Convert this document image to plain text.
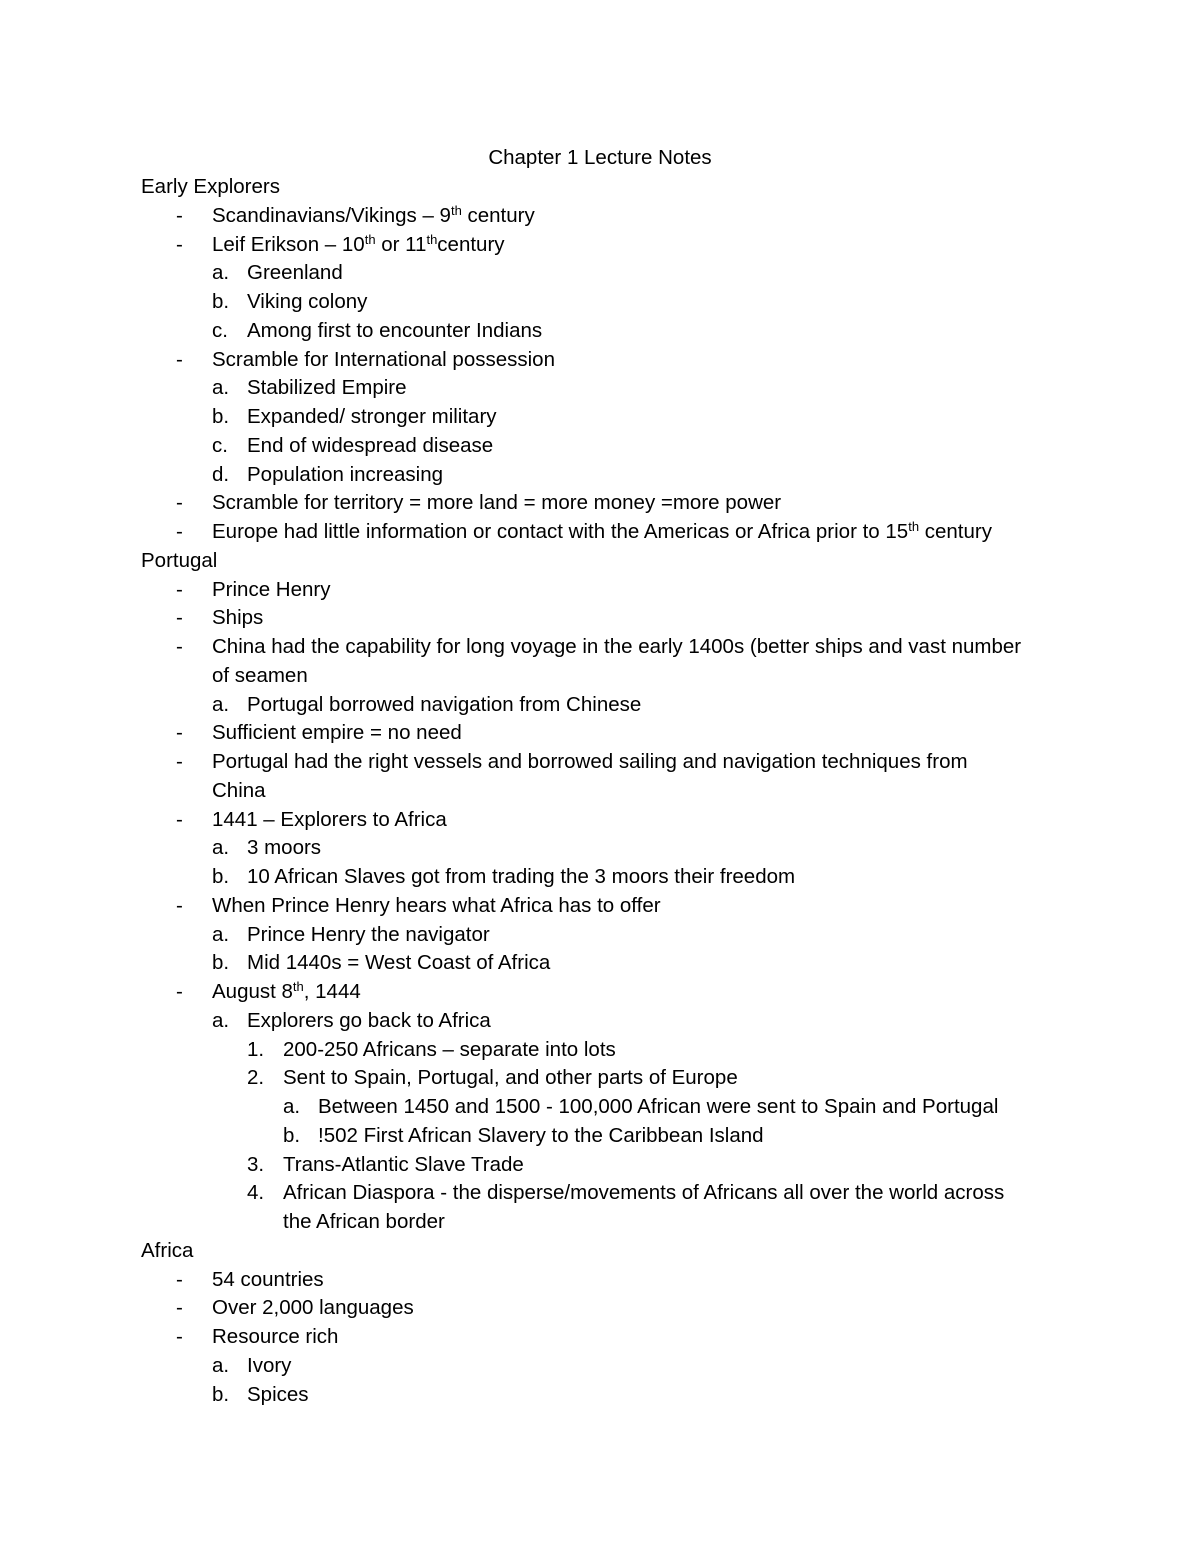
Chapter 1 Lecture Notes
Early Explorers
- Scandinavians/Vikings – 9th century
- Leif Erikson – 10th or 11thcentury
a. Greenland
b. Viking colony
c. Among first to encounter Indians
- Scramble for International possession
a. Stabilized Empire
b. Expanded/ stronger military
c. End of widespread disease
d. Population increasing
- Scramble for territory = more land = more money =more power
- Europe had little information or contact with the Americas or Africa prior to 15th century
Portugal
- Prince Henry
- Ships
- China had the capability for long voyage in the early 1400s (better ships and vast number
of seamen
a. Portugal borrowed navigation from Chinese
- Sufficient empire = no need
- Portugal had the right vessels and borrowed sailing and navigation techniques from
China
- 1441 – Explorers to Africa
a. 3 moors
b. 10 African Slaves got from trading the 3 moors their freedom
- When Prince Henry hears what Africa has to offer
a. Prince Henry the navigator
b. Mid 1440s = West Coast of Africa
- August 8th, 1444
a. Explorers go back to Africa
1. 200-250 Africans – separate into lots
2. Sent to Spain, Portugal, and other parts of Europe
a. Between 1450 and 1500 - 100,000 African were sent to Spain and Portugal
b. !502 First African Slavery to the Caribbean Island
3. Trans-Atlantic Slave Trade
4. African Diaspora - the disperse/movements of Africans all over the world across
the African border
Africa
- 54 countries
- Over 2,000 languages
- Resource rich
a. Ivory
b. Spices
